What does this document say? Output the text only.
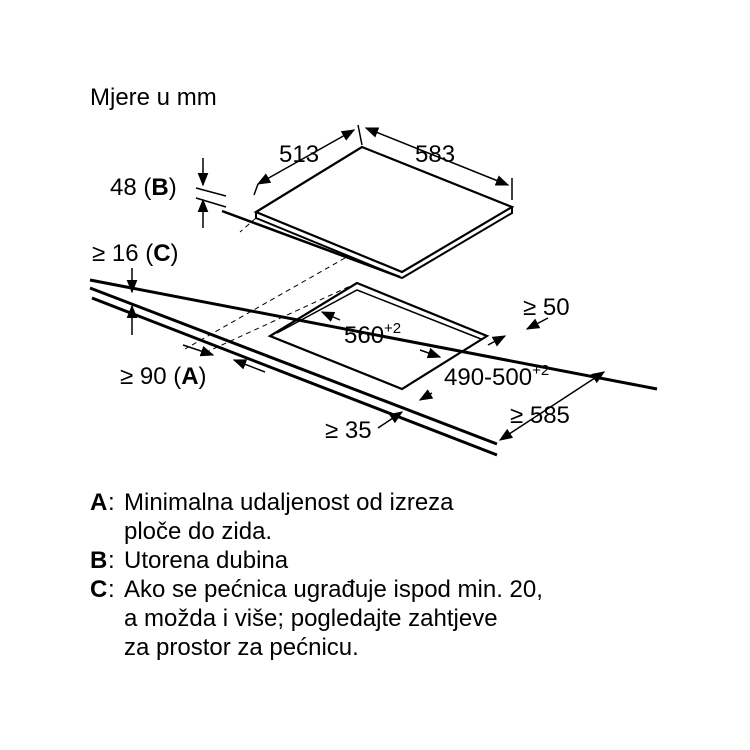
Mjere u mm

513	583
48 (B)
≥ 16 (C)
≥ 90 (A)
≥ 50
$560^{+2}$
$490-500^{+2}$
≥ 585
≥ 35
A : Minimalna udaljenost od izreza
ploče do zida.
B : Utorena dubina
C : Ako se pećnica ugrađuje ispod min. 20,
a možda i više; pogledajte zahtjeve
za prostor za pećnicu.
